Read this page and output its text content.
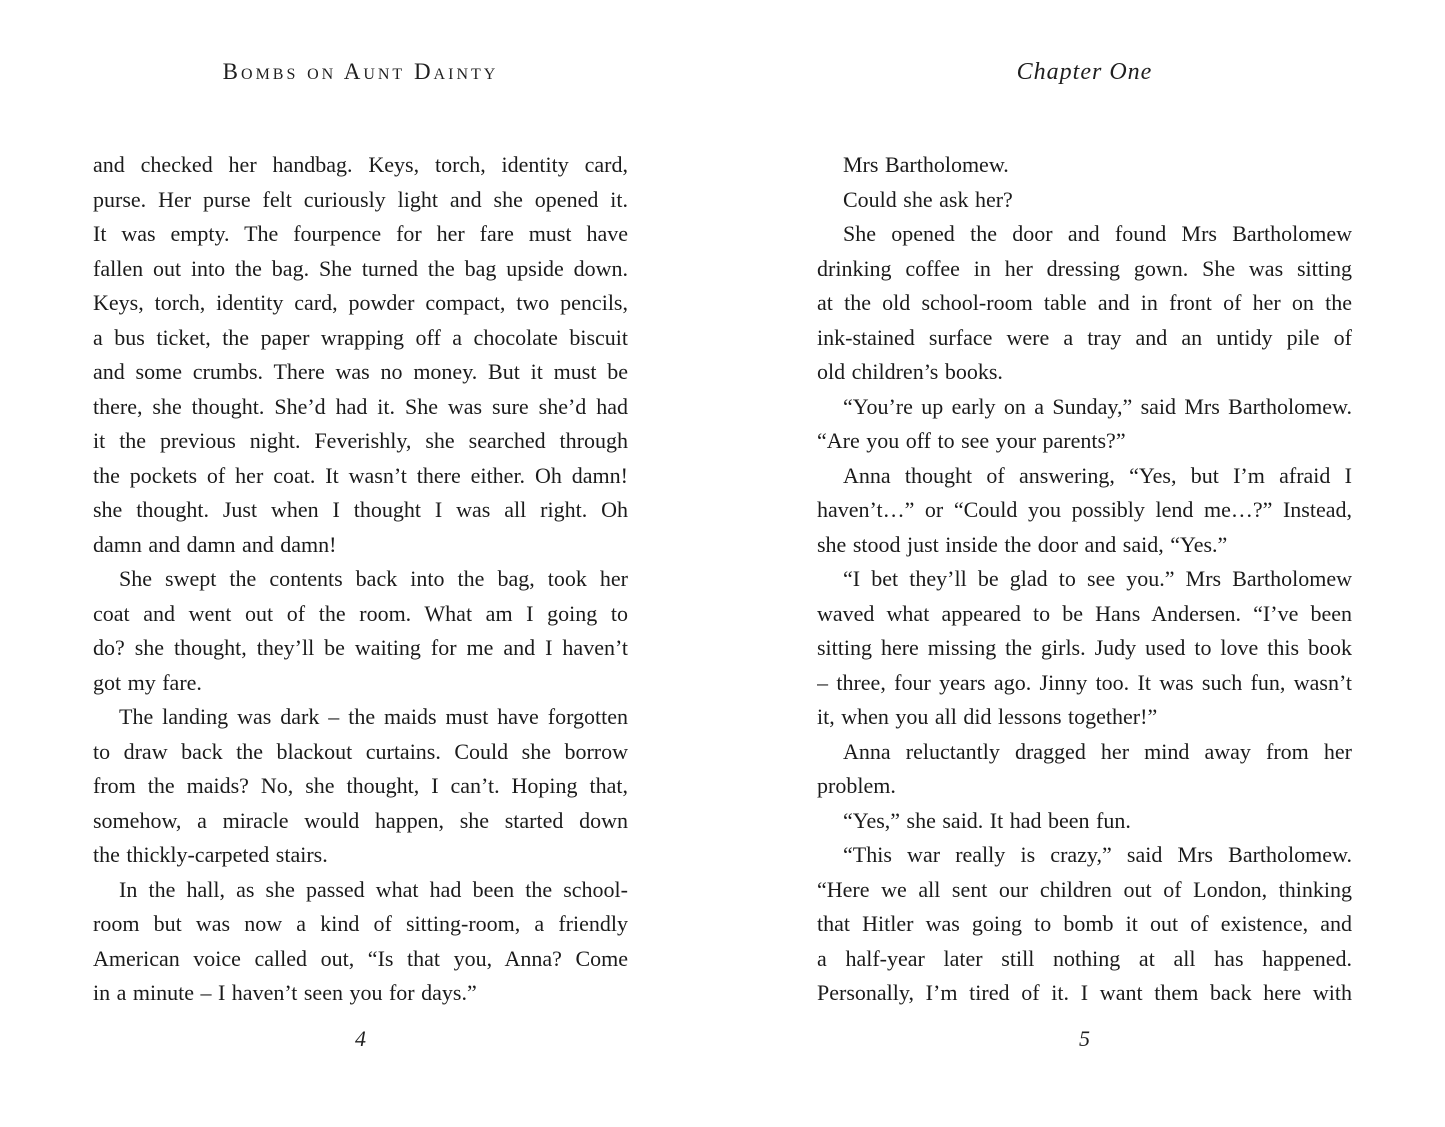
Bombs on Aunt Dainty
and checked her handbag. Keys, torch, identity card,
purse. Her purse felt curiously light and she opened it.
It was empty. The fourpence for her fare must have
fallen out into the bag. She turned the bag upside down.
Keys, torch, identity card, powder compact, two pencils,
a bus ticket, the paper wrapping off a chocolate biscuit
and some crumbs. There was no money. But it must be
there, she thought. She’d had it. She was sure she’d had
it the previous night. Feverishly, she searched through
the pockets of her coat. It wasn’t there either. Oh damn!
she thought. Just when I thought I was all right. Oh
damn and damn and damn!
She swept the contents back into the bag, took her
coat and went out of the room. What am I going to
do? she thought, they’ll be waiting for me and I haven’t
got my fare.
The landing was dark – the maids must have forgotten
to draw back the blackout curtains. Could she borrow
from the maids? No, she thought, I can’t. Hoping that,
somehow, a miracle would happen, she started down
the thickly-carpeted stairs.
In the hall, as she passed what had been the school-
room but was now a kind of sitting-room, a friendly
American voice called out, “Is that you, Anna? Come
in a minute – I haven’t seen you for days.”
4
Chapter One
Mrs Bartholomew.
Could she ask her?
She opened the door and found Mrs Bartholomew
drinking coffee in her dressing gown. She was sitting
at the old school-room table and in front of her on the
ink-stained surface were a tray and an untidy pile of
old children’s books.
“You’re up early on a Sunday,” said Mrs Bartholomew.
“Are you off to see your parents?”
Anna thought of answering, “Yes, but I’m afraid I
haven’t…” or “Could you possibly lend me…?” Instead,
she stood just inside the door and said, “Yes.”
“I bet they’ll be glad to see you.” Mrs Bartholomew
waved what appeared to be Hans Andersen. “I’ve been
sitting here missing the girls. Judy used to love this book
– three, four years ago. Jinny too. It was such fun, wasn’t
it, when you all did lessons together!”
Anna reluctantly dragged her mind away from her
problem.
“Yes,” she said. It had been fun.
“This war really is crazy,” said Mrs Bartholomew.
“Here we all sent our children out of London, thinking
that Hitler was going to bomb it out of existence, and
a half-year later still nothing at all has happened.
Personally, I’m tired of it. I want them back here with
5
